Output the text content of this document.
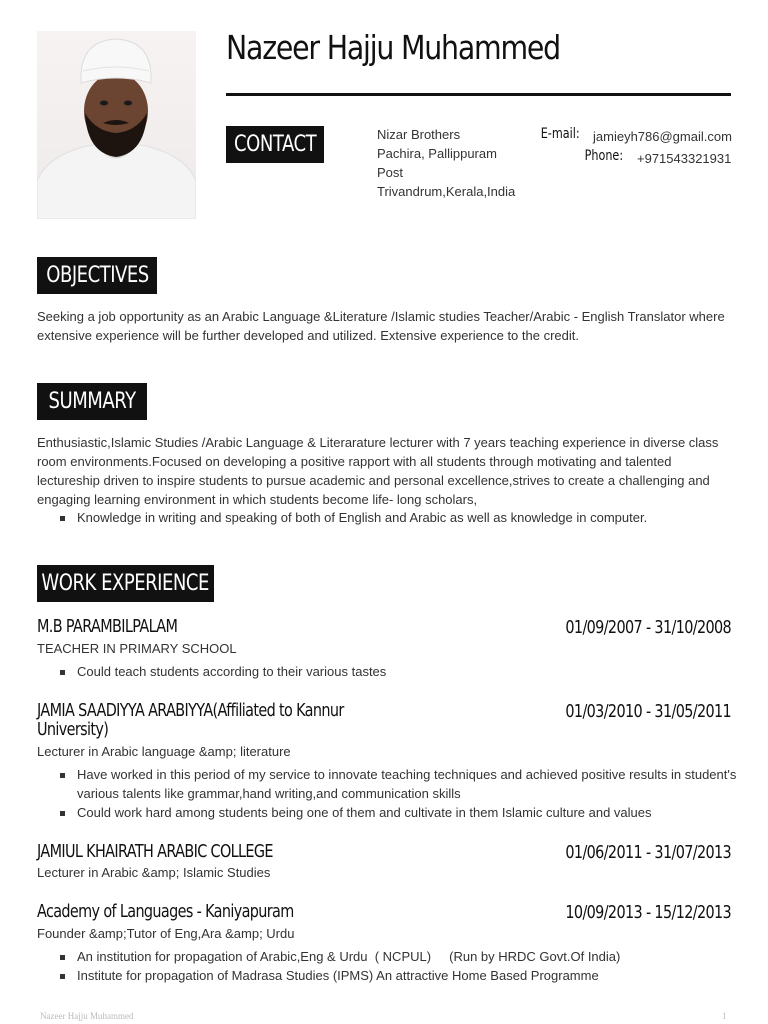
Nazeer Hajju Muhammed
CONTACT	Nizar Brothers
Pachira, Pallippuram
Post
Trivandrum,Kerala,India
E-mail: jamieyh786@gmail.com
Phone: +971543321931
OBJECTIVES

Seeking a job opportunity as an Arabic Language &Literature /Islamic studies Teacher/Arabic - English Translator where extensive experience will be further developed and utilized. Extensive experience to the credit.

SUMMARY

Enthusiastic,Islamic Studies /Arabic Language & Literarature lecturer with 7 years teaching experience in diverse class room environments.Focused on developing a positive rapport with all students through motivating and talented lectureship driven to inspire students to pursue academic and personal excellence,strives to create a challenging and engaging learning environment in which students become life- long scholars,

Knowledge in writing and speaking of both of English and Arabic as well as knowledge in computer.
WORK EXPERIENCE
M.B PARAMBILPALAM	01/09/2007 - 31/10/2008
TEACHER IN PRIMARY SCHOOL
Could teach students according to their various tastes
JAMIA SAADIYYA ARABIYYA(Affiliated to Kannur University)
01/03/2010 - 31/05/2011
Lecturer in Arabic language &amp; literature
Have worked in this period of my service to innovate teaching techniques and achieved positive results in student's various talents like grammar,hand writing,and communication skills
Could work hard among students being one of them and cultivate in them Islamic culture and values
JAMIUL KHAIRATH ARABIC COLLEGE	01/06/2011 - 31/07/2013
Lecturer in Arabic &amp; Islamic Studies
Academy of Languages - Kaniyapuram	10/09/2013 - 15/12/2013
Founder &amp;Tutor of Eng,Ara &amp; Urdu
An institution for propagation of Arabic,Eng & Urdu  ( NCPUL)     (Run by HRDC Govt.Of India)
Institute for propagation of Madrasa Studies (IPMS) An attractive Home Based Programme
Nazeer Hajju Muhammed	1
